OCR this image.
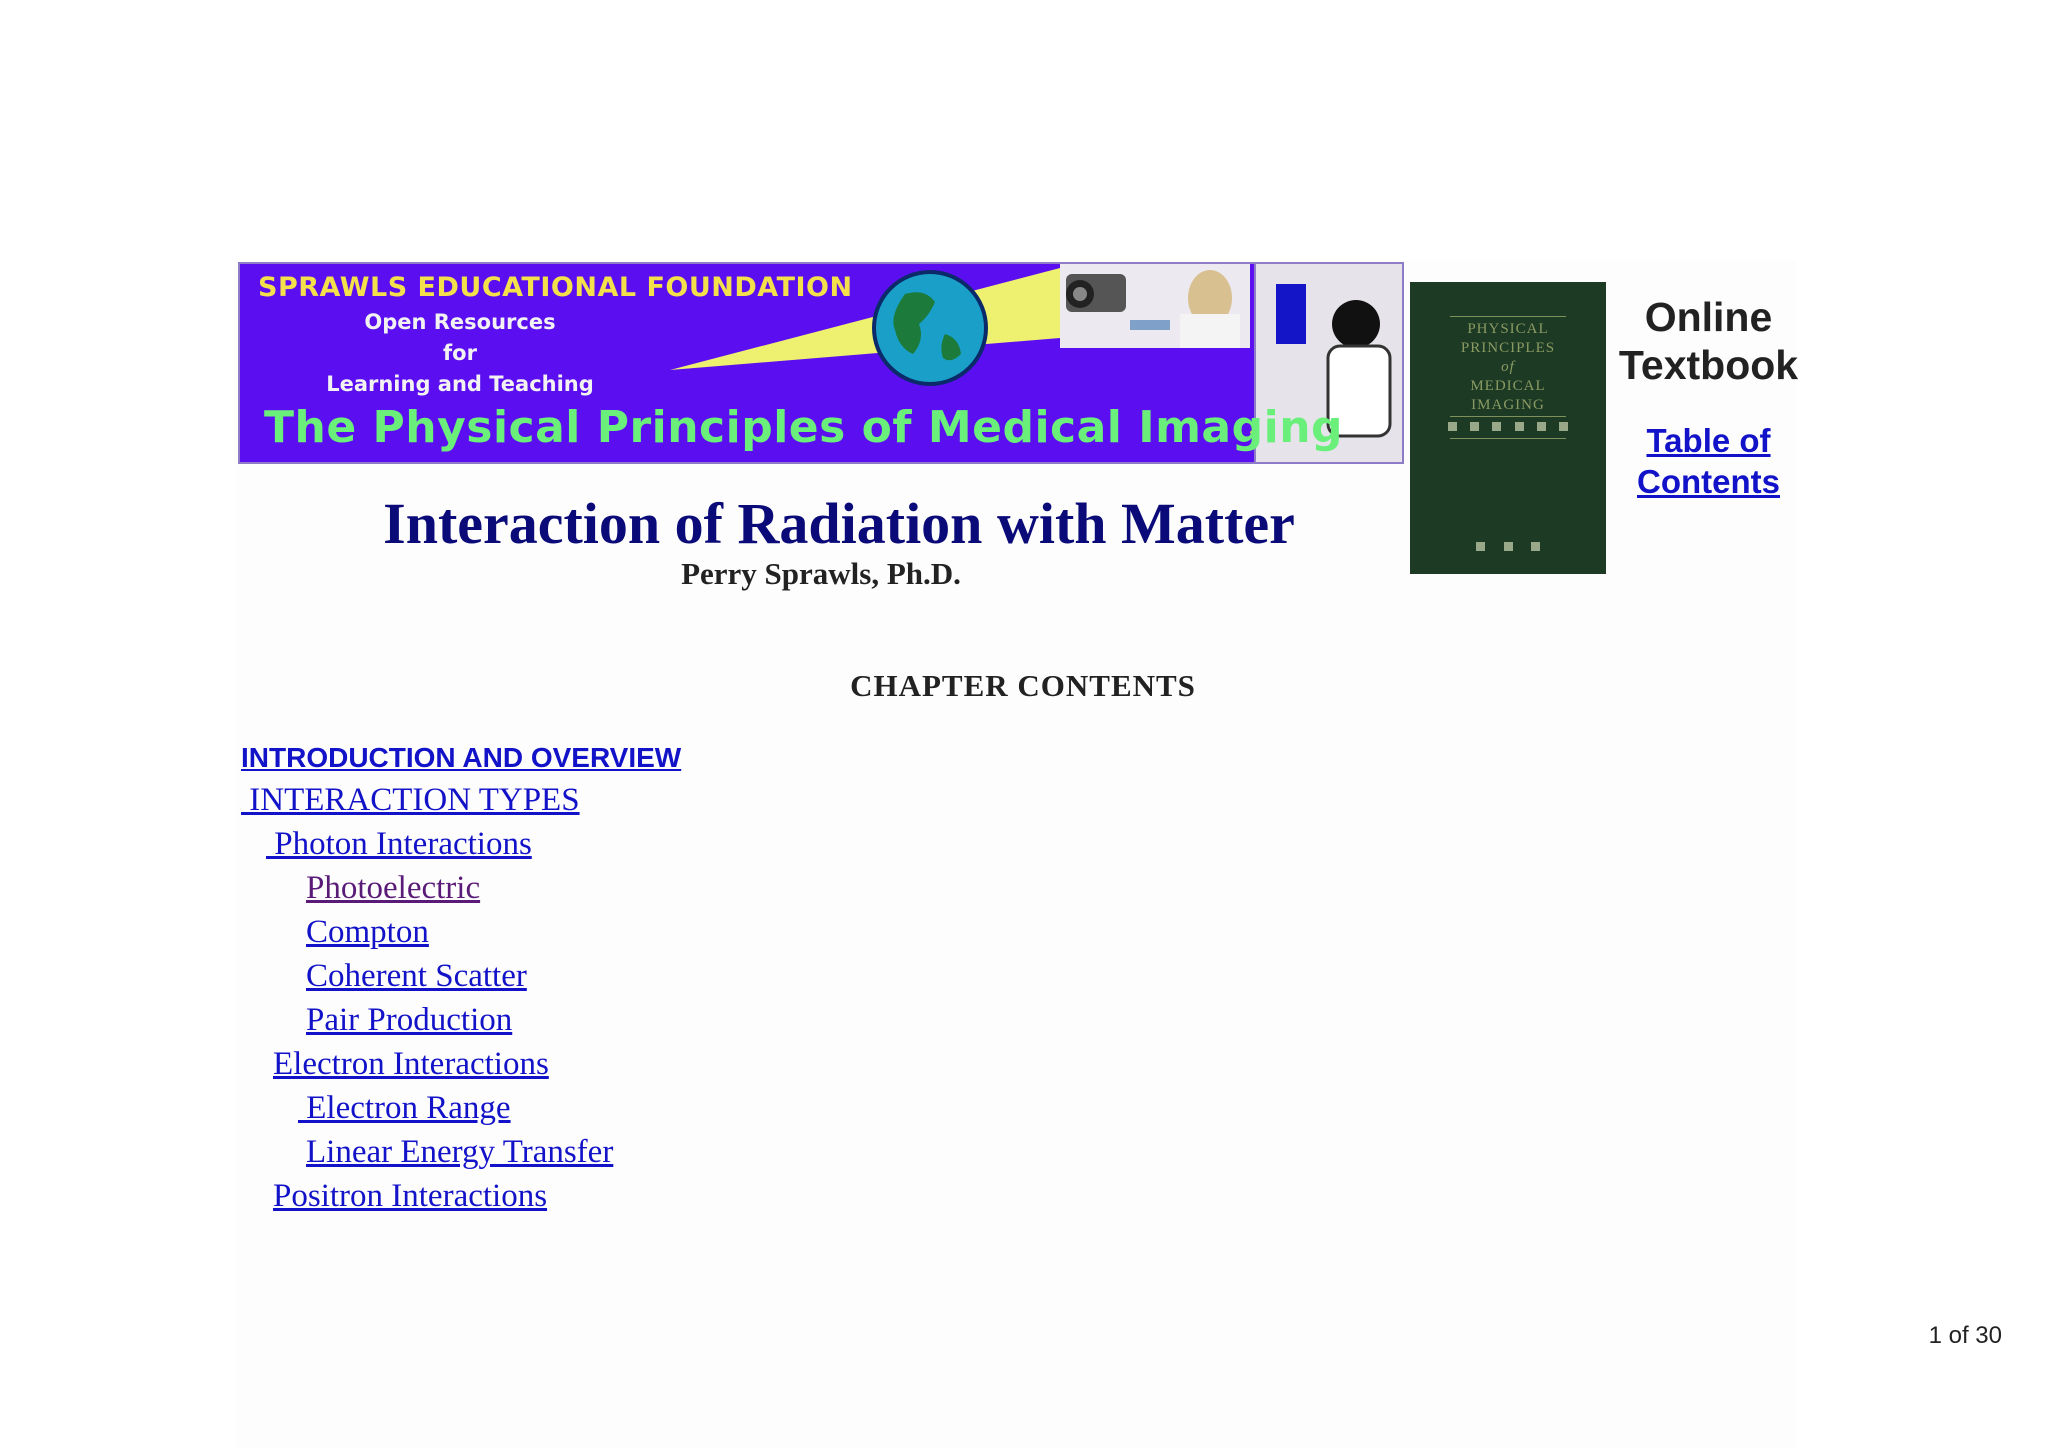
SPRAWLS EDUCATIONAL FOUNDATION
Open Resources
for
Learning and Teaching
The Physical Principles of Medical Imaging
PHYSICAL
PRINCIPLES
of
MEDICAL
IMAGING
Online
Textbook
Table of
Contents
Interaction of Radiation with Matter
Perry Sprawls, Ph.D.
CHAPTER CONTENTS
INTRODUCTION AND OVERVIEW
INTERACTION TYPES
Photon Interactions
Photoelectric
Compton
Coherent Scatter
Pair Production
Electron Interactions
Electron Range
Linear Energy Transfer
Positron Interactions
1 of 30
